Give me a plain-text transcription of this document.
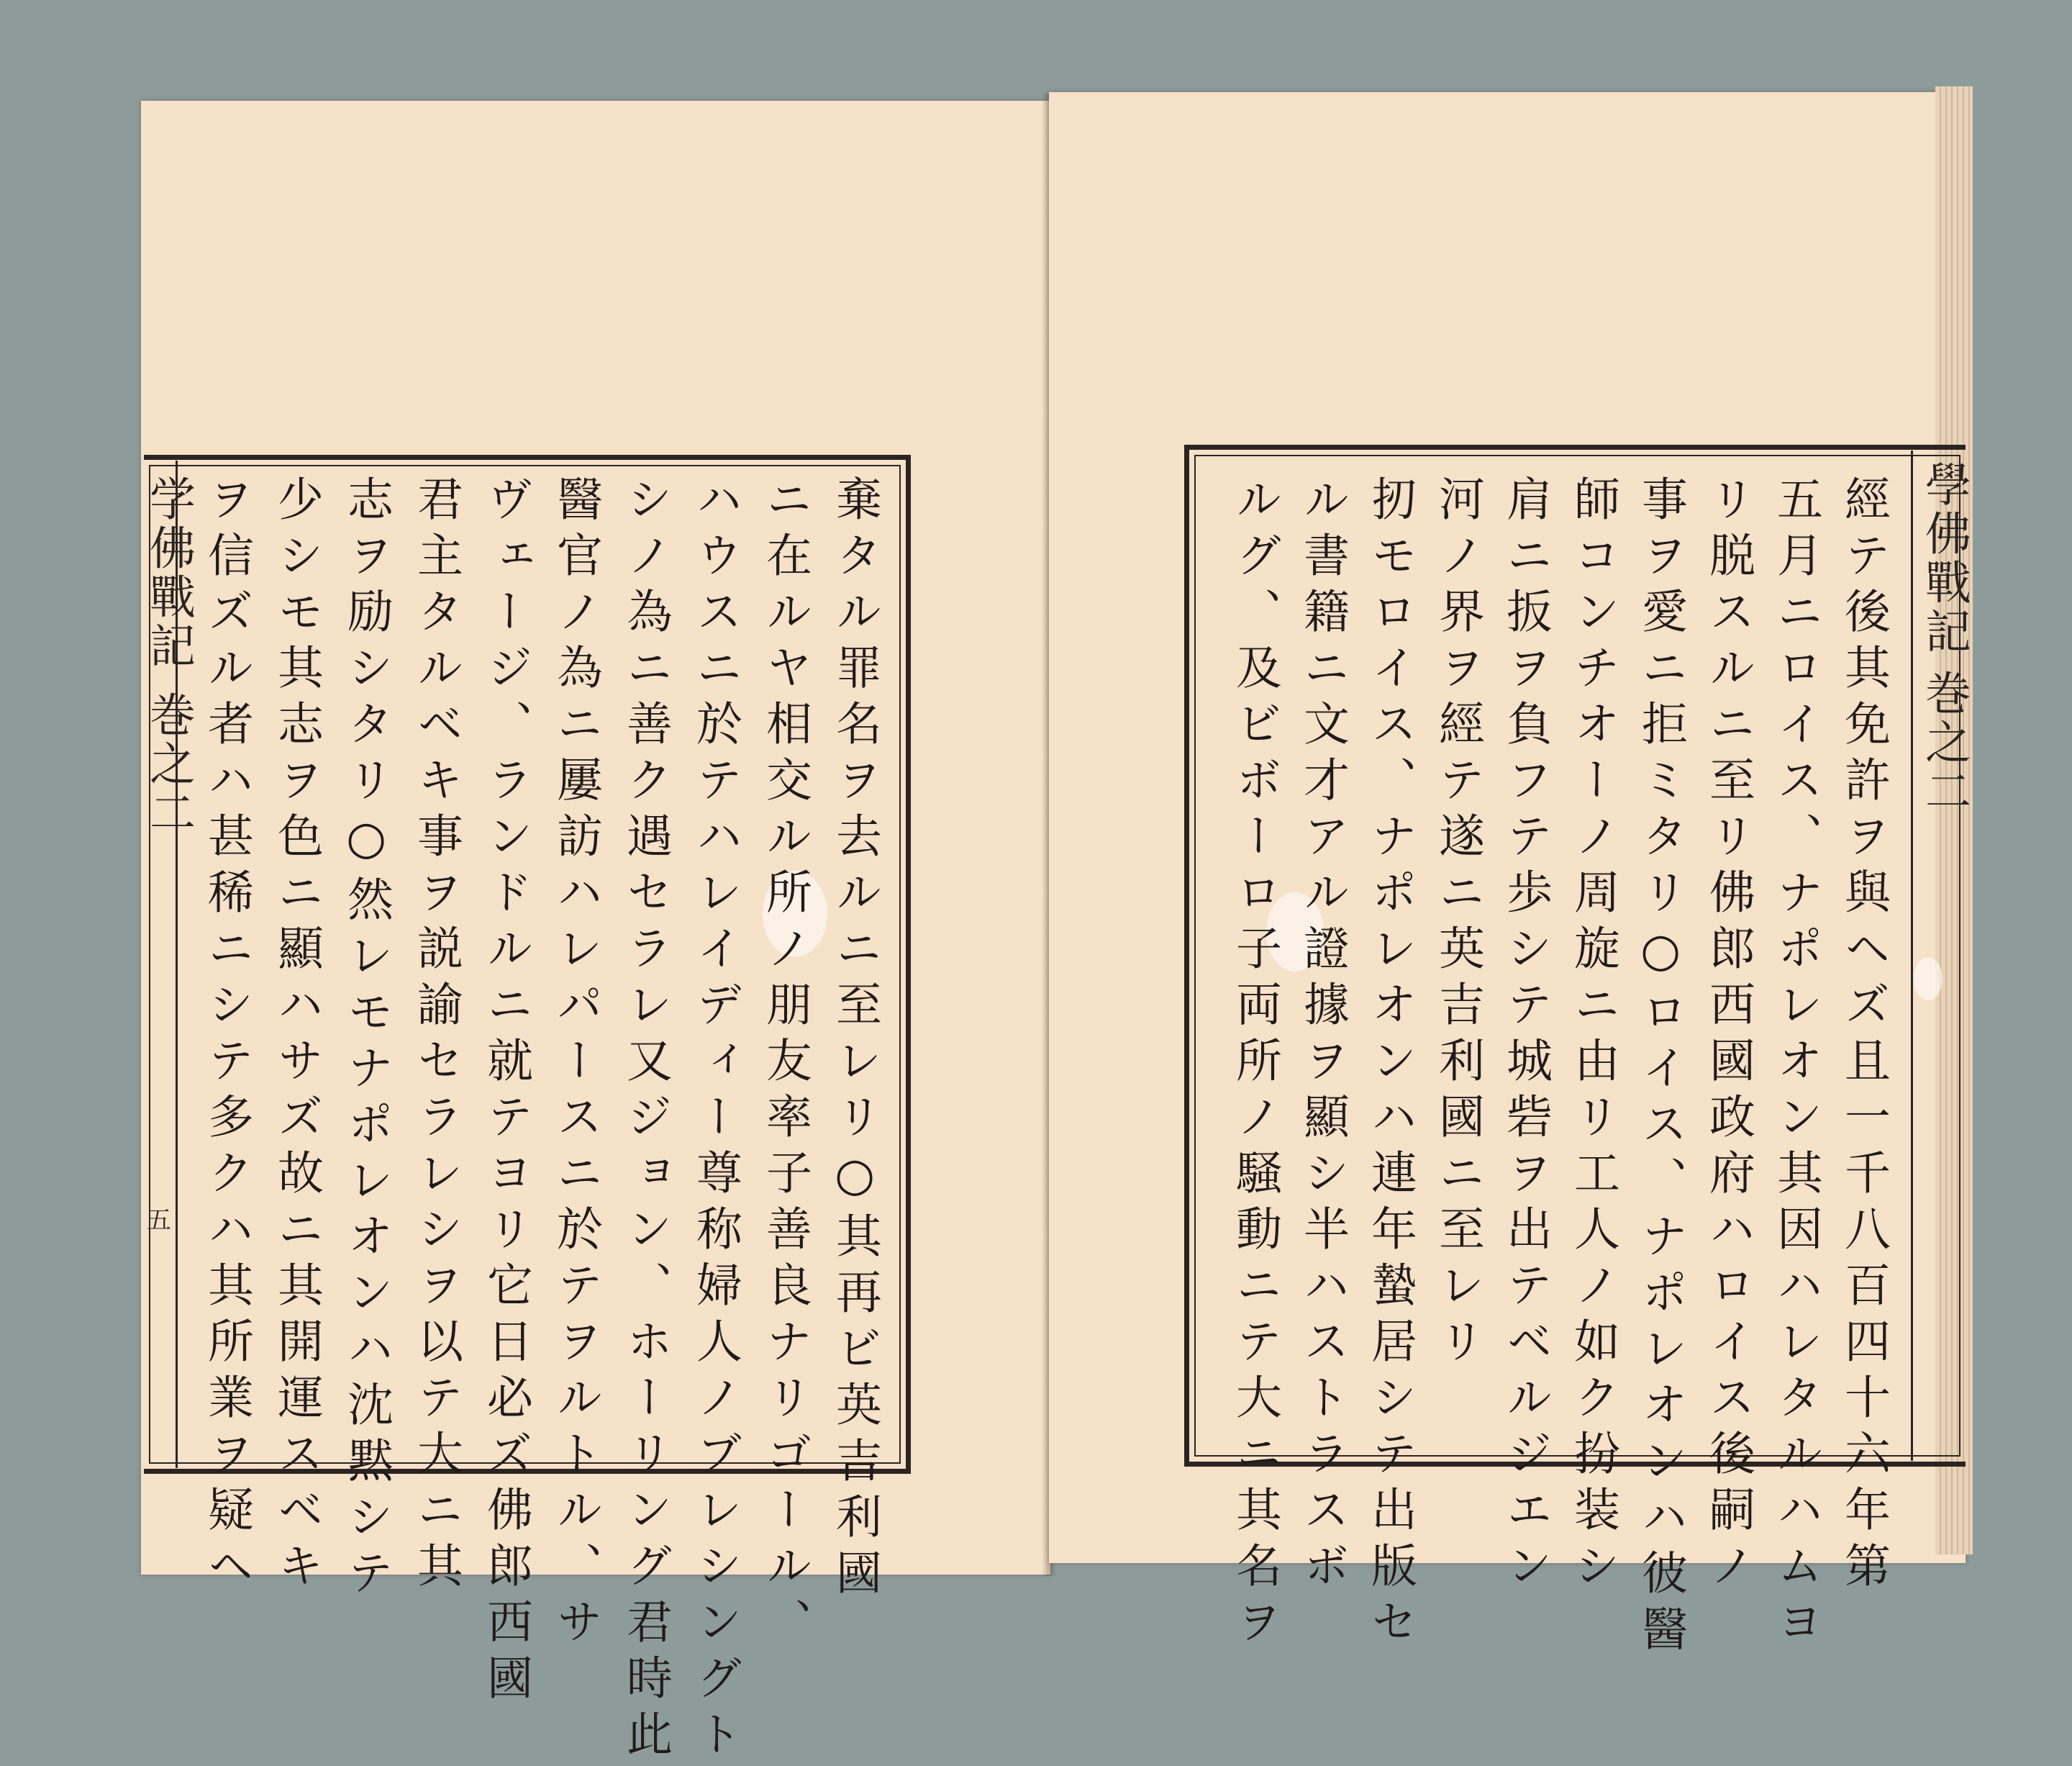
学佛戰記
巻之二
五	棄タル罪名ヲ去ルニ至レリ○其再ビ英吉利國
ニ在ルヤ相交ル所ノ朋友率子善良ナリゴール、
ハウスニ於テハレイディー尊称婦人ノブレシングト
シノ為ニ善ク遇セラレ又ジョン、ホーリング君時此
醫官ノ為ニ屢訪ハレパースニ於テヲルトル、サ
ヴェージ、ランドルニ就テヨリ它日必ズ佛郎西國
君主タルベキ事ヲ説諭セラレシヲ以テ大ニ其
志ヲ励シタリ○然レモナポレオンハ沈黙シテ
少シモ其志ヲ色ニ顯ハサズ故ニ其開運スベキ
ヲ信ズル者ハ甚稀ニシテ多クハ其所業ヲ疑ヘ	學佛戰記
巻之二
經テ後其免許ヲ與ヘズ且一千八百四十六年第
五月ニロイス、ナポレオン其因ハレタルハムヨ
リ脱スルニ至リ佛郎西國政府ハロイス後嗣ノ
事ヲ愛ニ拒ミタリ○ロイス、ナポレオンハ彼醫
師コンチオーノ周旋ニ由リ工人ノ如ク扮装シ
肩ニ扳ヲ負フテ歩シテ城砦ヲ出テベルジエン
河ノ界ヲ經テ遂ニ英吉利國ニ至レリ
扨モロイス、ナポレオンハ連年蟄居シテ出版セ
ル書籍ニ文才アル證據ヲ顯シ半ハストラスボ
ルグ、及ビボーロ子両所ノ騒動ニテ大ニ其名ヲ
